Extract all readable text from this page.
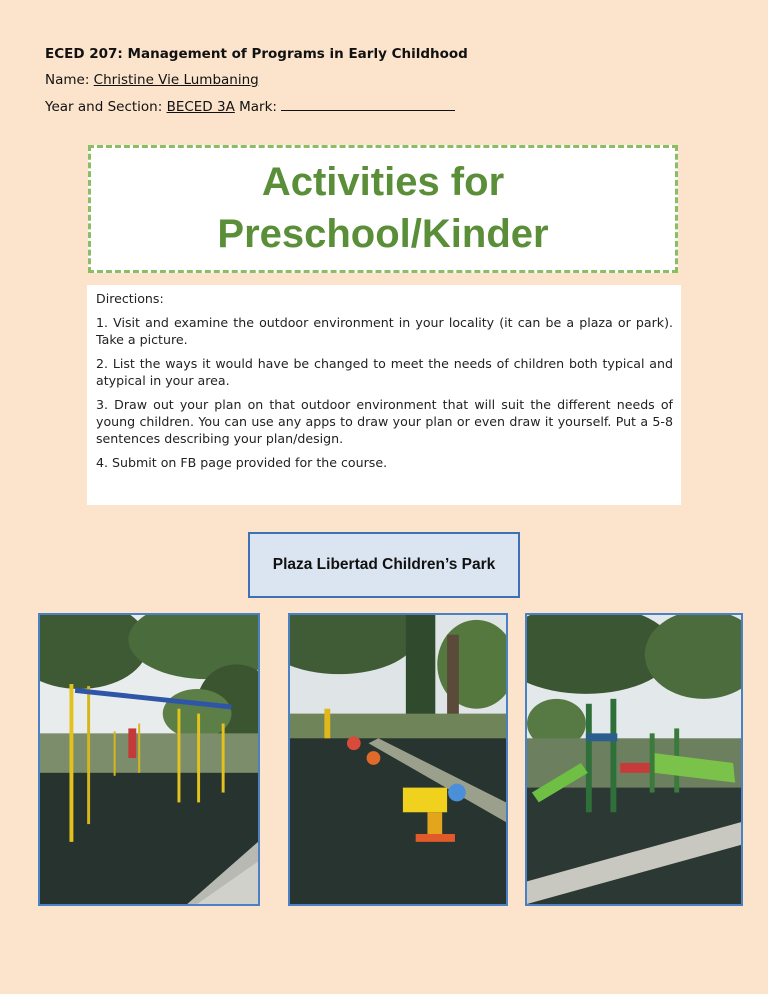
ECED 207: Management of Programs in Early Childhood
Name: Christine Vie Lumbaning
Year and Section: BECED 3A Mark:
Activities for
Preschool/Kinder

Directions:

1. Visit and examine the outdoor environment in your locality (it can be a plaza or park). Take a picture.

2. List the ways it would have be changed to meet the needs of children both typical and atypical in your area.

3. Draw out your plan on that outdoor environment that will suit the different needs of young children. You can use any apps to draw your plan or even draw it yourself. Put a 5-8 sentences describing your plan/design.

4. Submit on FB page provided for the course.

Plaza Libertad Children’s Park
